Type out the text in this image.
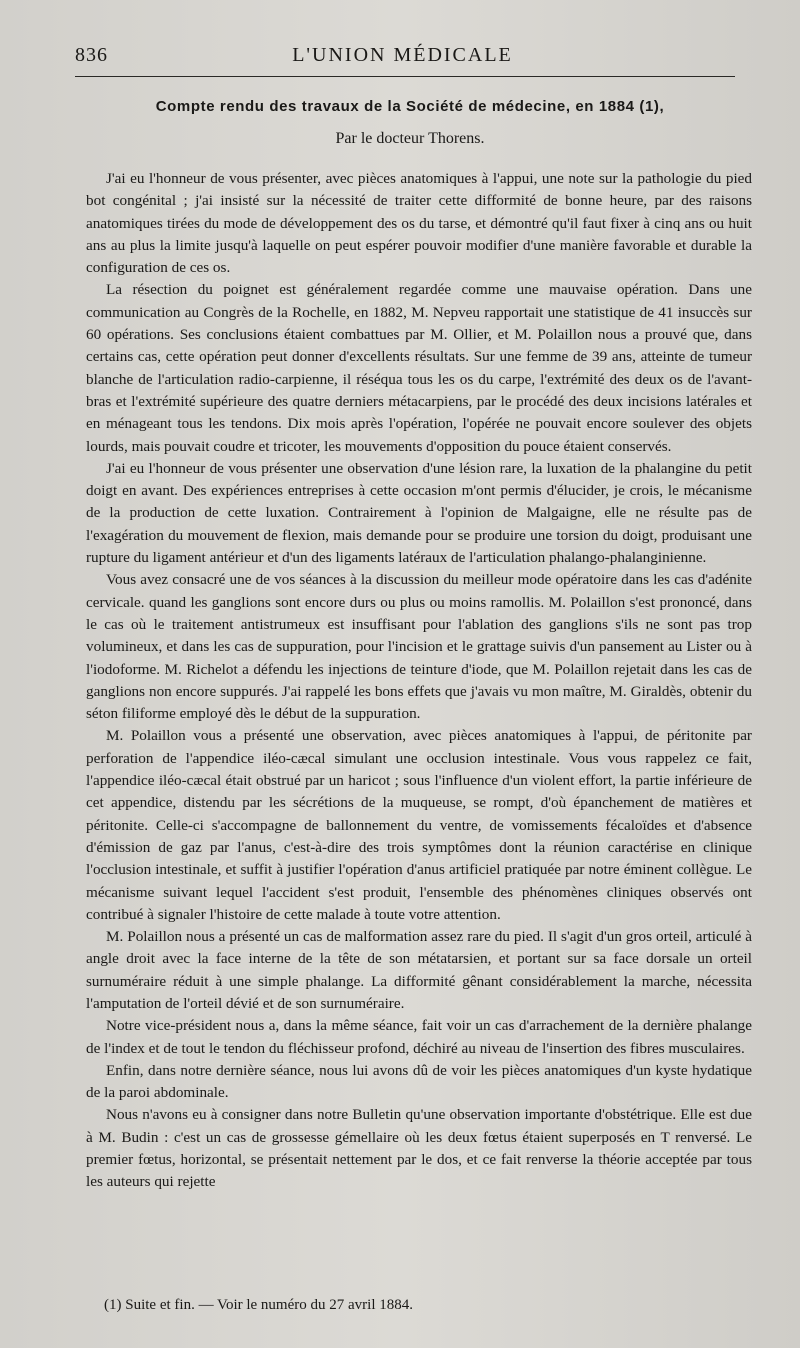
836	L'UNION MÉDICALE
Compte rendu des travaux de la Société de médecine, en 1884 (1),
Par le docteur Thorens.

J'ai eu l'honneur de vous présenter, avec pièces anatomiques à l'appui, une note sur la pathologie du pied bot congénital ; j'ai insisté sur la nécessité de traiter cette difformité de bonne heure, par des raisons anatomiques tirées du mode de développement des os du tarse, et démontré qu'il faut fixer à cinq ans ou huit ans au plus la limite jusqu'à laquelle on peut espérer pouvoir modifier d'une manière favorable et durable la configuration de ces os.

La résection du poignet est généralement regardée comme une mauvaise opération. Dans une communication au Congrès de la Rochelle, en 1882, M. Nepveu rapportait une statistique de 41 insuccès sur 60 opérations. Ses conclusions étaient combattues par M. Ollier, et M. Polaillon nous a prouvé que, dans certains cas, cette opération peut donner d'excellents résultats. Sur une femme de 39 ans, atteinte de tumeur blanche de l'articulation radio-carpienne, il réséqua tous les os du carpe, l'extrémité des deux os de l'avant-bras et l'extrémité supérieure des quatre derniers métacarpiens, par le procédé des deux incisions latérales et en ménageant tous les tendons. Dix mois après l'opération, l'opérée ne pouvait encore soulever des objets lourds, mais pouvait coudre et tricoter, les mouvements d'opposition du pouce étaient conservés.

J'ai eu l'honneur de vous présenter une observation d'une lésion rare, la luxation de la phalangine du petit doigt en avant. Des expériences entreprises à cette occasion m'ont permis d'élucider, je crois, le mécanisme de la production de cette luxation. Contrairement à l'opinion de Malgaigne, elle ne résulte pas de l'exagération du mouvement de flexion, mais demande pour se produire une torsion du doigt, produisant une rupture du ligament antérieur et d'un des ligaments latéraux de l'articulation phalango-phalanginienne.

Vous avez consacré une de vos séances à la discussion du meilleur mode opératoire dans les cas d'adénite cervicale. quand les ganglions sont encore durs ou plus ou moins ramollis. M. Polaillon s'est prononcé, dans le cas où le traitement antistrumeux est insuffisant pour l'ablation des ganglions s'ils ne sont pas trop volumineux, et dans les cas de suppuration, pour l'incision et le grattage suivis d'un pansement au Lister ou à l'iodoforme. M. Richelot a défendu les injections de teinture d'iode, que M. Polaillon rejetait dans les cas de ganglions non encore suppurés. J'ai rappelé les bons effets que j'avais vu mon maître, M. Giraldès, obtenir du séton filiforme employé dès le début de la suppuration.

M. Polaillon vous a présenté une observation, avec pièces anatomiques à l'appui, de péritonite par perforation de l'appendice iléo-cæcal simulant une occlusion intestinale. Vous vous rappelez ce fait, l'appendice iléo-cæcal était obstrué par un haricot ; sous l'influence d'un violent effort, la partie inférieure de cet appendice, distendu par les sécrétions de la muqueuse, se rompt, d'où épanchement de matières et péritonite. Celle-ci s'accompagne de ballonnement du ventre, de vomissements fécaloïdes et d'absence d'émission de gaz par l'anus, c'est-à-dire des trois symptômes dont la réunion caractérise en clinique l'occlusion intestinale, et suffit à justifier l'opération d'anus artificiel pratiquée par notre éminent collègue. Le mécanisme suivant lequel l'accident s'est produit, l'ensemble des phénomènes cliniques observés ont contribué à signaler l'histoire de cette malade à toute votre attention.

M. Polaillon nous a présenté un cas de malformation assez rare du pied. Il s'agit d'un gros orteil, articulé à angle droit avec la face interne de la tête de son métatarsien, et portant sur sa face dorsale un orteil surnuméraire réduit à une simple phalange. La difformité gênant considérablement la marche, nécessita l'amputation de l'orteil dévié et de son surnuméraire.

Notre vice-président nous a, dans la même séance, fait voir un cas d'arrachement de la dernière phalange de l'index et de tout le tendon du fléchisseur profond, déchiré au niveau de l'insertion des fibres musculaires.

Enfin, dans notre dernière séance, nous lui avons dû de voir les pièces anatomiques d'un kyste hydatique de la paroi abdominale.

Nous n'avons eu à consigner dans notre Bulletin qu'une observation importante d'obstétrique. Elle est due à M. Budin : c'est un cas de grossesse gémellaire où les deux fœtus étaient superposés en T renversé. Le premier fœtus, horizontal, se présentait nettement par le dos, et ce fait renverse la théorie acceptée par tous les auteurs qui rejette

(1) Suite et fin. — Voir le numéro du 27 avril 1884.
